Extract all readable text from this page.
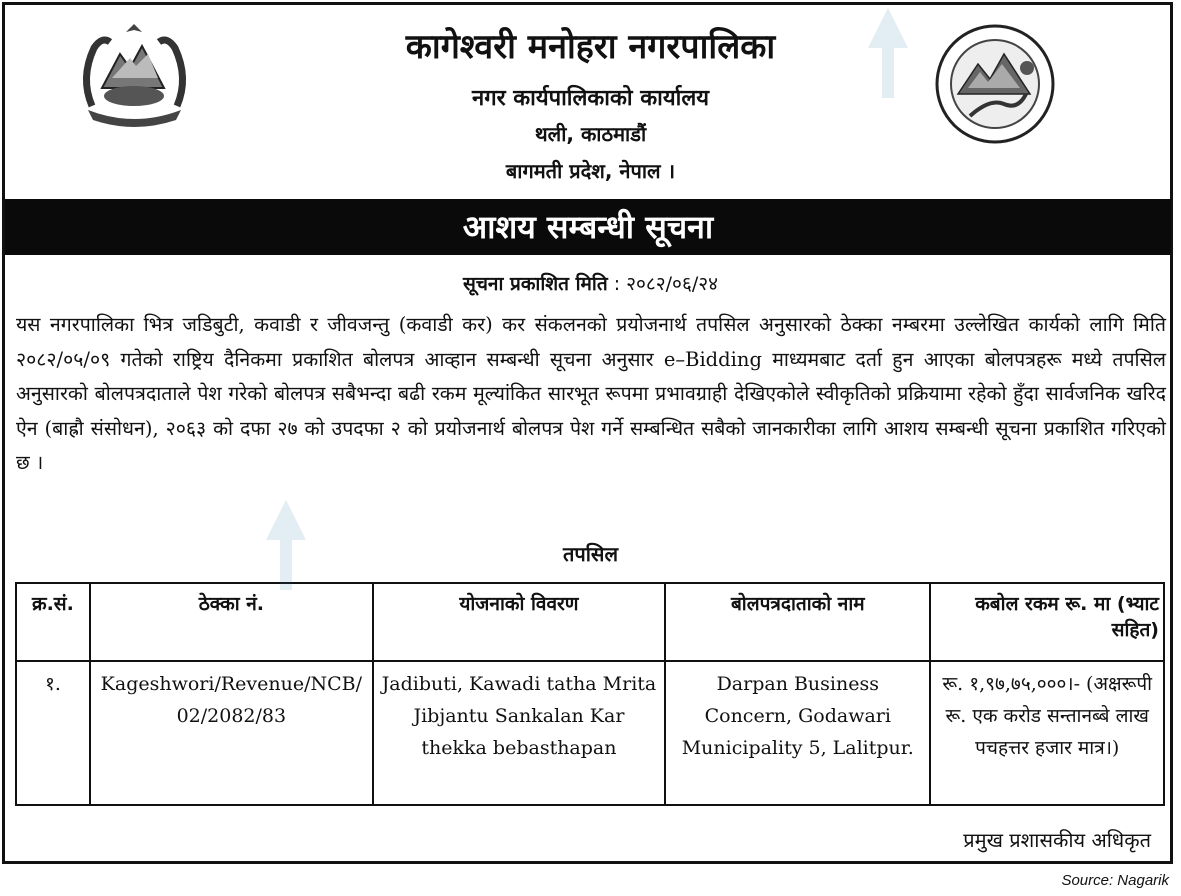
कागेश्वरी मनोहरा नगरपालिका
नगर कार्यपालिकाको कार्यालय
थली, काठमाडौं
बागमती प्रदेश, नेपाल ।
आशय सम्बन्धी सूचना
सूचना प्रकाशित मिति : २०८२/०६/२४
यस नगरपालिका भित्र जडिबुटी, कवाडी र जीवजन्तु (कवाडी कर) कर संकलनको प्रयोजनार्थ तपसिल अनुसारको ठेक्का नम्बरमा उल्लेखित कार्यको लागि मिति २०८२/०५/०९ गतेको राष्ट्रिय दैनिकमा प्रकाशित बोलपत्र आव्हान सम्बन्धी सूचना अनुसार e–Bidding माध्यमबाट दर्ता हुन आएका बोलपत्रहरू मध्ये तपसिल अनुसारको बोलपत्रदाताले पेश गरेको बोलपत्र सबैभन्दा बढी रकम मूल्यांकित सारभूत रूपमा प्रभावग्राही देखिएकोले स्वीकृतिको प्रक्रियामा रहेको हुँदा सार्वजनिक खरिद ऐन (बाह्रौ संसोधन), २०६३ को दफा २७ को उपदफा २ को प्रयोजनार्थ बोलपत्र पेश गर्ने सम्बन्धित सबैको जानकारीका लागि आशय सम्बन्धी सूचना प्रकाशित गरिएको छ ।
तपसिल
क्र.सं.	ठेक्का नं.	योजनाको विवरण	बोलपत्रदाताको नाम	कबोल रकम रू. मा (भ्याट सहित)
१.	Kageshwori/Revenue/NCB/ 02/2082/83	Jadibuti, Kawadi tatha Mrita Jibjantu Sankalan Kar thekka bebasthapan	Darpan Business Concern, Godawari Municipality 5, Lalitpur.	रू. १,९७,७५,०००।- (अक्षरूपी रू. एक करोड सन्तानब्बे लाख पचहत्तर हजार मात्र।)
प्रमुख प्रशासकीय अधिकृत
Source: Nagarik
